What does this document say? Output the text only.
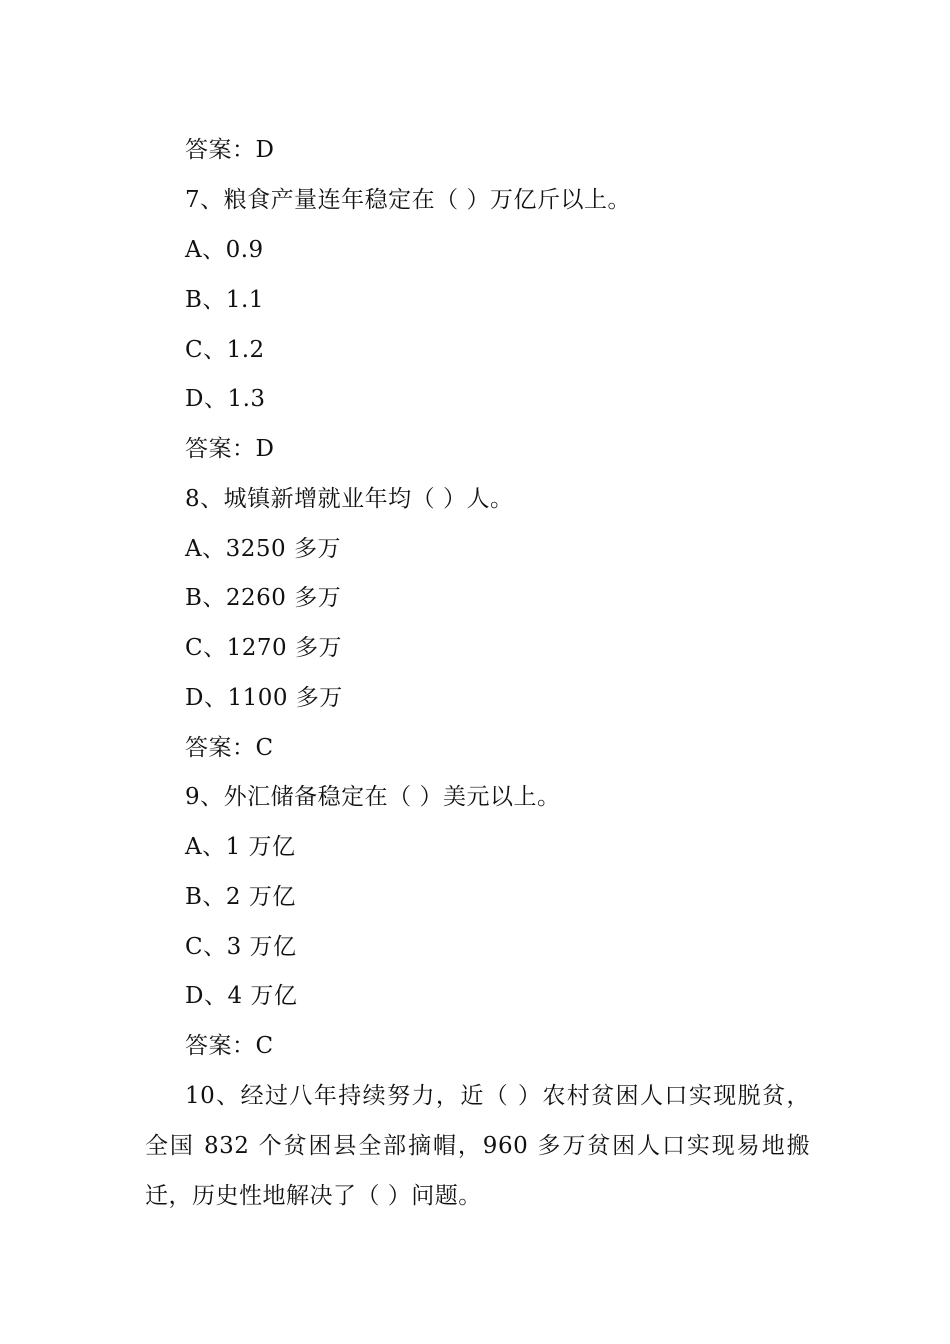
答案：D
7、粮食产量连年稳定在（ ）万亿斤以上。
A、0.9
B、1.1
C、1.2
D、1.3
答案：D
8、城镇新增就业年均（ ）人。
A、3250 多万
B、2260 多万
C、1270 多万
D、1100 多万
答案：C
9、外汇储备稳定在（ ）美元以上。
A、1 万亿
B、2 万亿
C、3 万亿
D、4 万亿
答案：C
10、经过八年持续努力，近（ ）农村贫困人口实现脱贫，全国 832 个贫困县全部摘帽，960 多万贫困人口实现易地搬迁，历史性地解决了（ ）问题。
